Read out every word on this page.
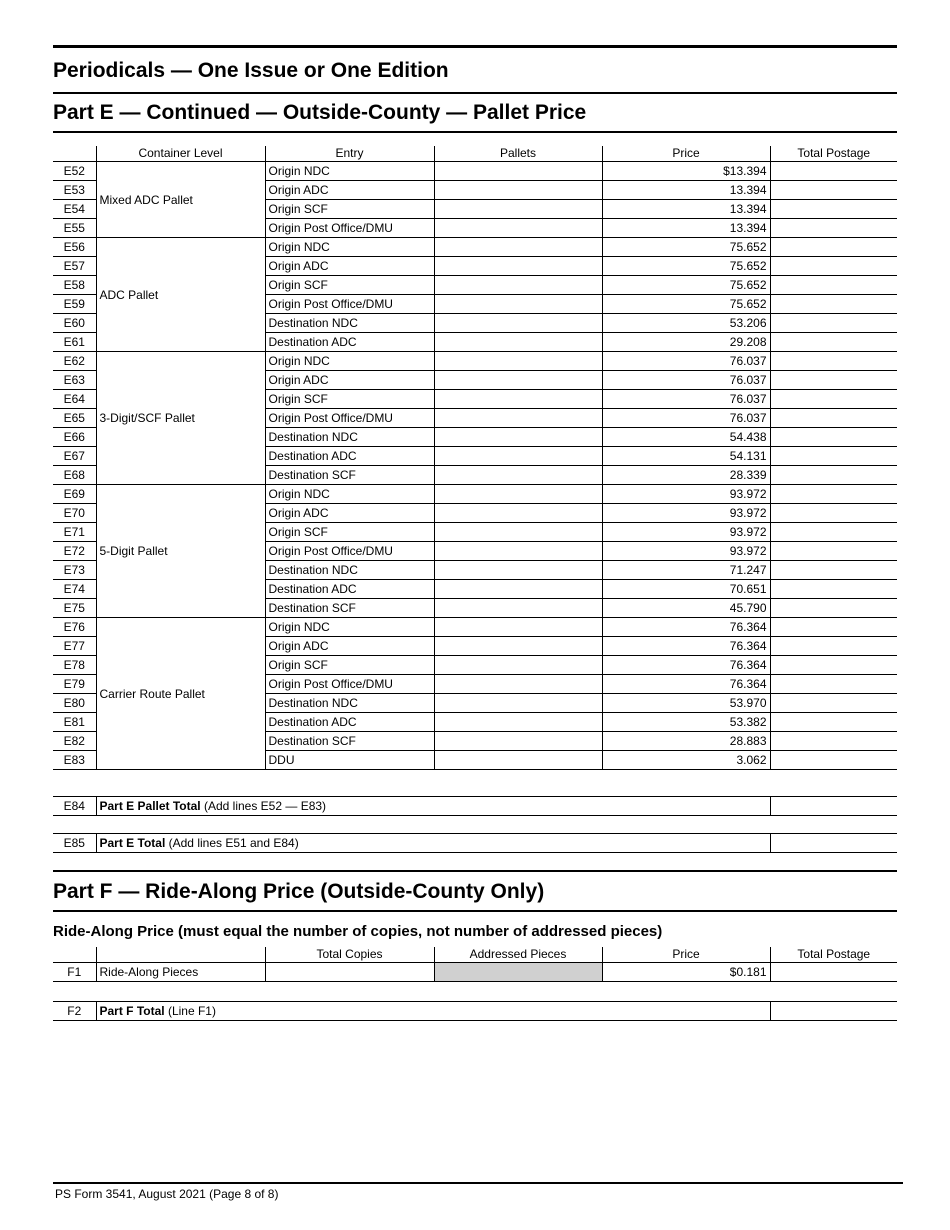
Periodicals — One Issue or One Edition
Part E — Continued — Outside-County — Pallet Price
	Container Level	Entry	Pallets	Price	Total Postage
E52	Mixed ADC Pallet	Origin NDC		$13.394	
E53		Origin ADC		13.394	
E54		Origin SCF		13.394	
E55		Origin Post Office/DMU		13.394	
E56	ADC Pallet	Origin NDC		75.652	
E57		Origin ADC		75.652	
E58		Origin SCF		75.652	
E59		Origin Post Office/DMU		75.652	
E60		Destination NDC		53.206	
E61		Destination ADC		29.208	
E62	3-Digit/SCF Pallet	Origin NDC		76.037	
E63		Origin ADC		76.037	
E64		Origin SCF		76.037	
E65		Origin Post Office/DMU		76.037	
E66		Destination NDC		54.438	
E67		Destination ADC		54.131	
E68		Destination SCF		28.339	
E69	5-Digit Pallet	Origin NDC		93.972	
E70		Origin ADC		93.972	
E71		Origin SCF		93.972	
E72		Origin Post Office/DMU		93.972	
E73		Destination NDC		71.247	
E74		Destination ADC		70.651	
E75		Destination SCF		45.790	
E76	Carrier Route Pallet	Origin NDC		76.364	
E77		Origin ADC		76.364	
E78		Origin SCF		76.364	
E79		Origin Post Office/DMU		76.364	
E80		Destination NDC		53.970	
E81		Destination ADC		53.382	
E82		Destination SCF		28.883	
E83		DDU		3.062	
E84	Part E Pallet Total (Add lines E52 — E83)	
E85	Part E Total (Add lines E51 and E84)	
Part F — Ride-Along Price (Outside-County Only)
Ride-Along Price (must equal the number of copies, not number of addressed pieces)
		Total Copies	Addressed Pieces	Price	Total Postage
F1	Ride-Along Pieces			$0.181	
F2	Part F Total (Line F1)	
PS Form 3541, August 2021 (Page 8 of 8)
